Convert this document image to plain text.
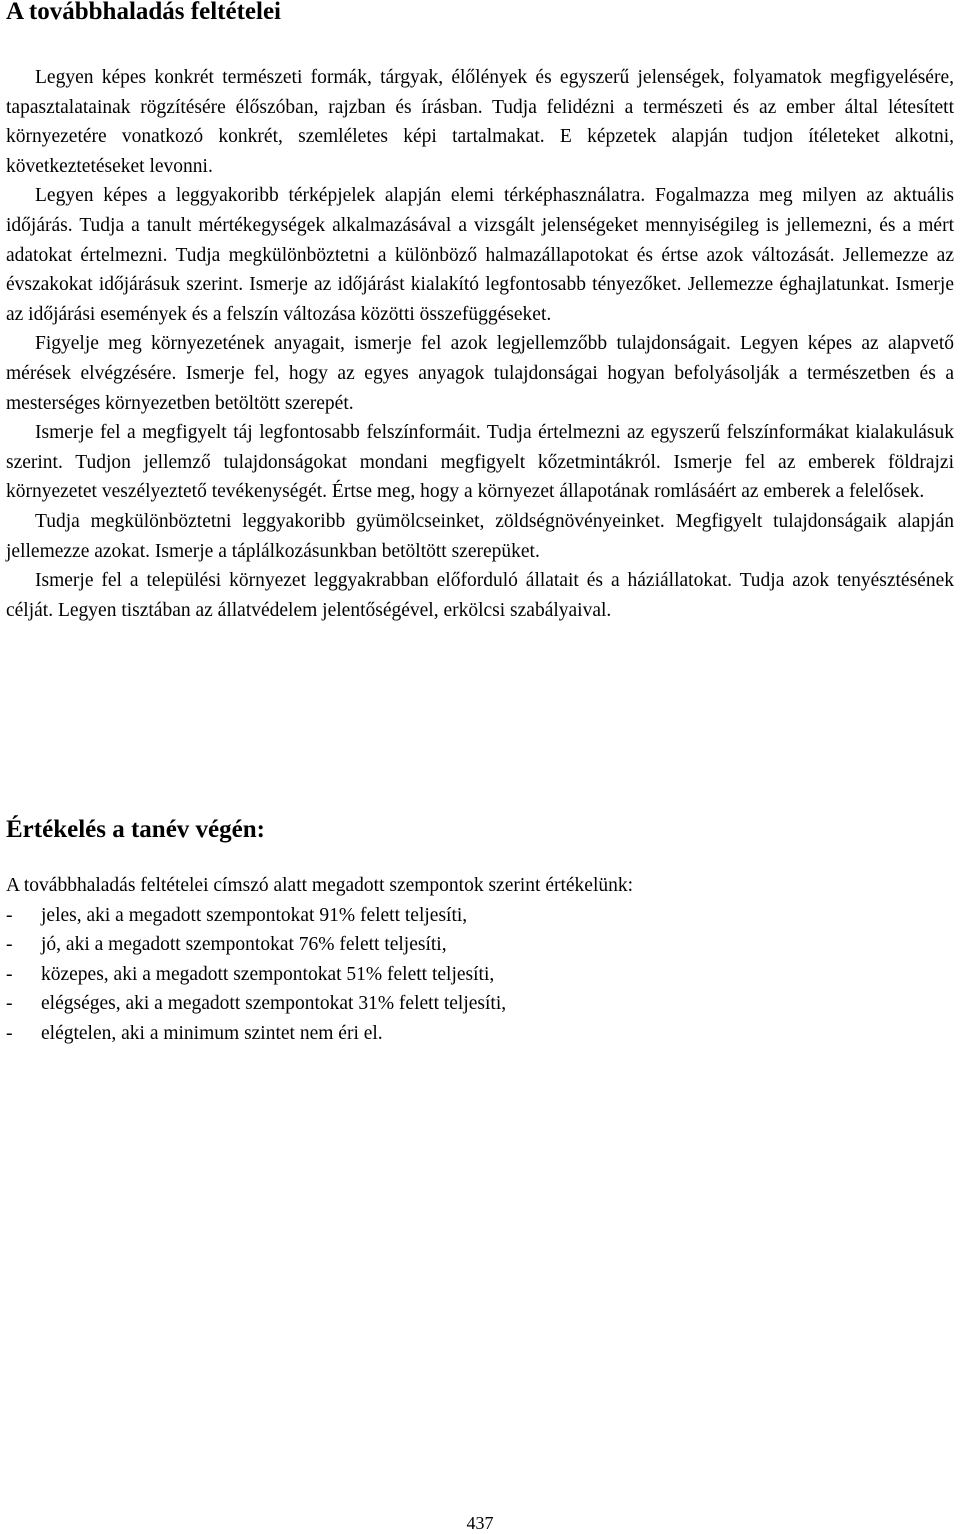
A továbbhaladás feltételei

Legyen képes konkrét természeti formák, tárgyak, élőlények és egyszerű jelenségek, folyamatok megfigyelésére, tapasztalatainak rögzítésére élőszóban, rajzban és írásban. Tudja felidézni a természeti és az ember által létesített környezetére vonatkozó konkrét, szemléletes képi tartalmakat. E képzetek alapján tudjon ítéleteket alkotni, következtetéseket levonni.

Legyen képes a leggyakoribb térképjelek alapján elemi térképhasználatra. Fogalmazza meg milyen az aktuális időjárás. Tudja a tanult mértékegységek alkalmazásával a vizsgált jelenségeket mennyiségileg is jellemezni, és a mért adatokat értelmezni. Tudja megkülönböztetni a különböző halmazállapotokat és értse azok változását. Jellemezze az évszakokat időjárásuk szerint. Ismerje az időjárást kialakító legfontosabb tényezőket. Jellemezze éghajlatunkat. Ismerje az időjárási események és a felszín változása közötti összefüggéseket.

Figyelje meg környezetének anyagait, ismerje fel azok legjellemzőbb tulajdonságait. Legyen képes az alapvető mérések elvégzésére. Ismerje fel, hogy az egyes anyagok tulajdonságai hogyan befolyásolják a természetben és a mesterséges környezetben betöltött szerepét.

Ismerje fel a megfigyelt táj legfontosabb felszínformáit. Tudja értelmezni az egyszerű felszínformákat kialakulásuk szerint. Tudjon jellemző tulajdonságokat mondani megfigyelt kőzetmintákról. Ismerje fel az emberek földrajzi környezetet veszélyeztető tevékenységét. Értse meg, hogy a környezet állapotának romlásáért az emberek a felelősek.

Tudja megkülönböztetni leggyakoribb gyümölcseinket, zöldségnövényeinket. Megfigyelt tulajdonságaik alapján jellemezze azokat. Ismerje a táplálkozásunkban betöltött szerepüket.

Ismerje fel a települési környezet leggyakrabban előforduló állatait és a háziállatokat. Tudja azok tenyésztésének célját. Legyen tisztában az állatvédelem jelentőségével, erkölcsi szabályaival.

Értékelés a tanév végén:

A továbbhaladás feltételei címszó alatt megadott szempontok szerint értékelünk:

- jeles, aki a megadott szempontokat 91% felett teljesíti,
- jó, aki a megadott szempontokat 76% felett teljesíti,
- közepes, aki a megadott szempontokat 51% felett teljesíti,
- elégséges, aki a megadott szempontokat 31% felett teljesíti,
- elégtelen, aki a minimum szintet nem éri el.
437
